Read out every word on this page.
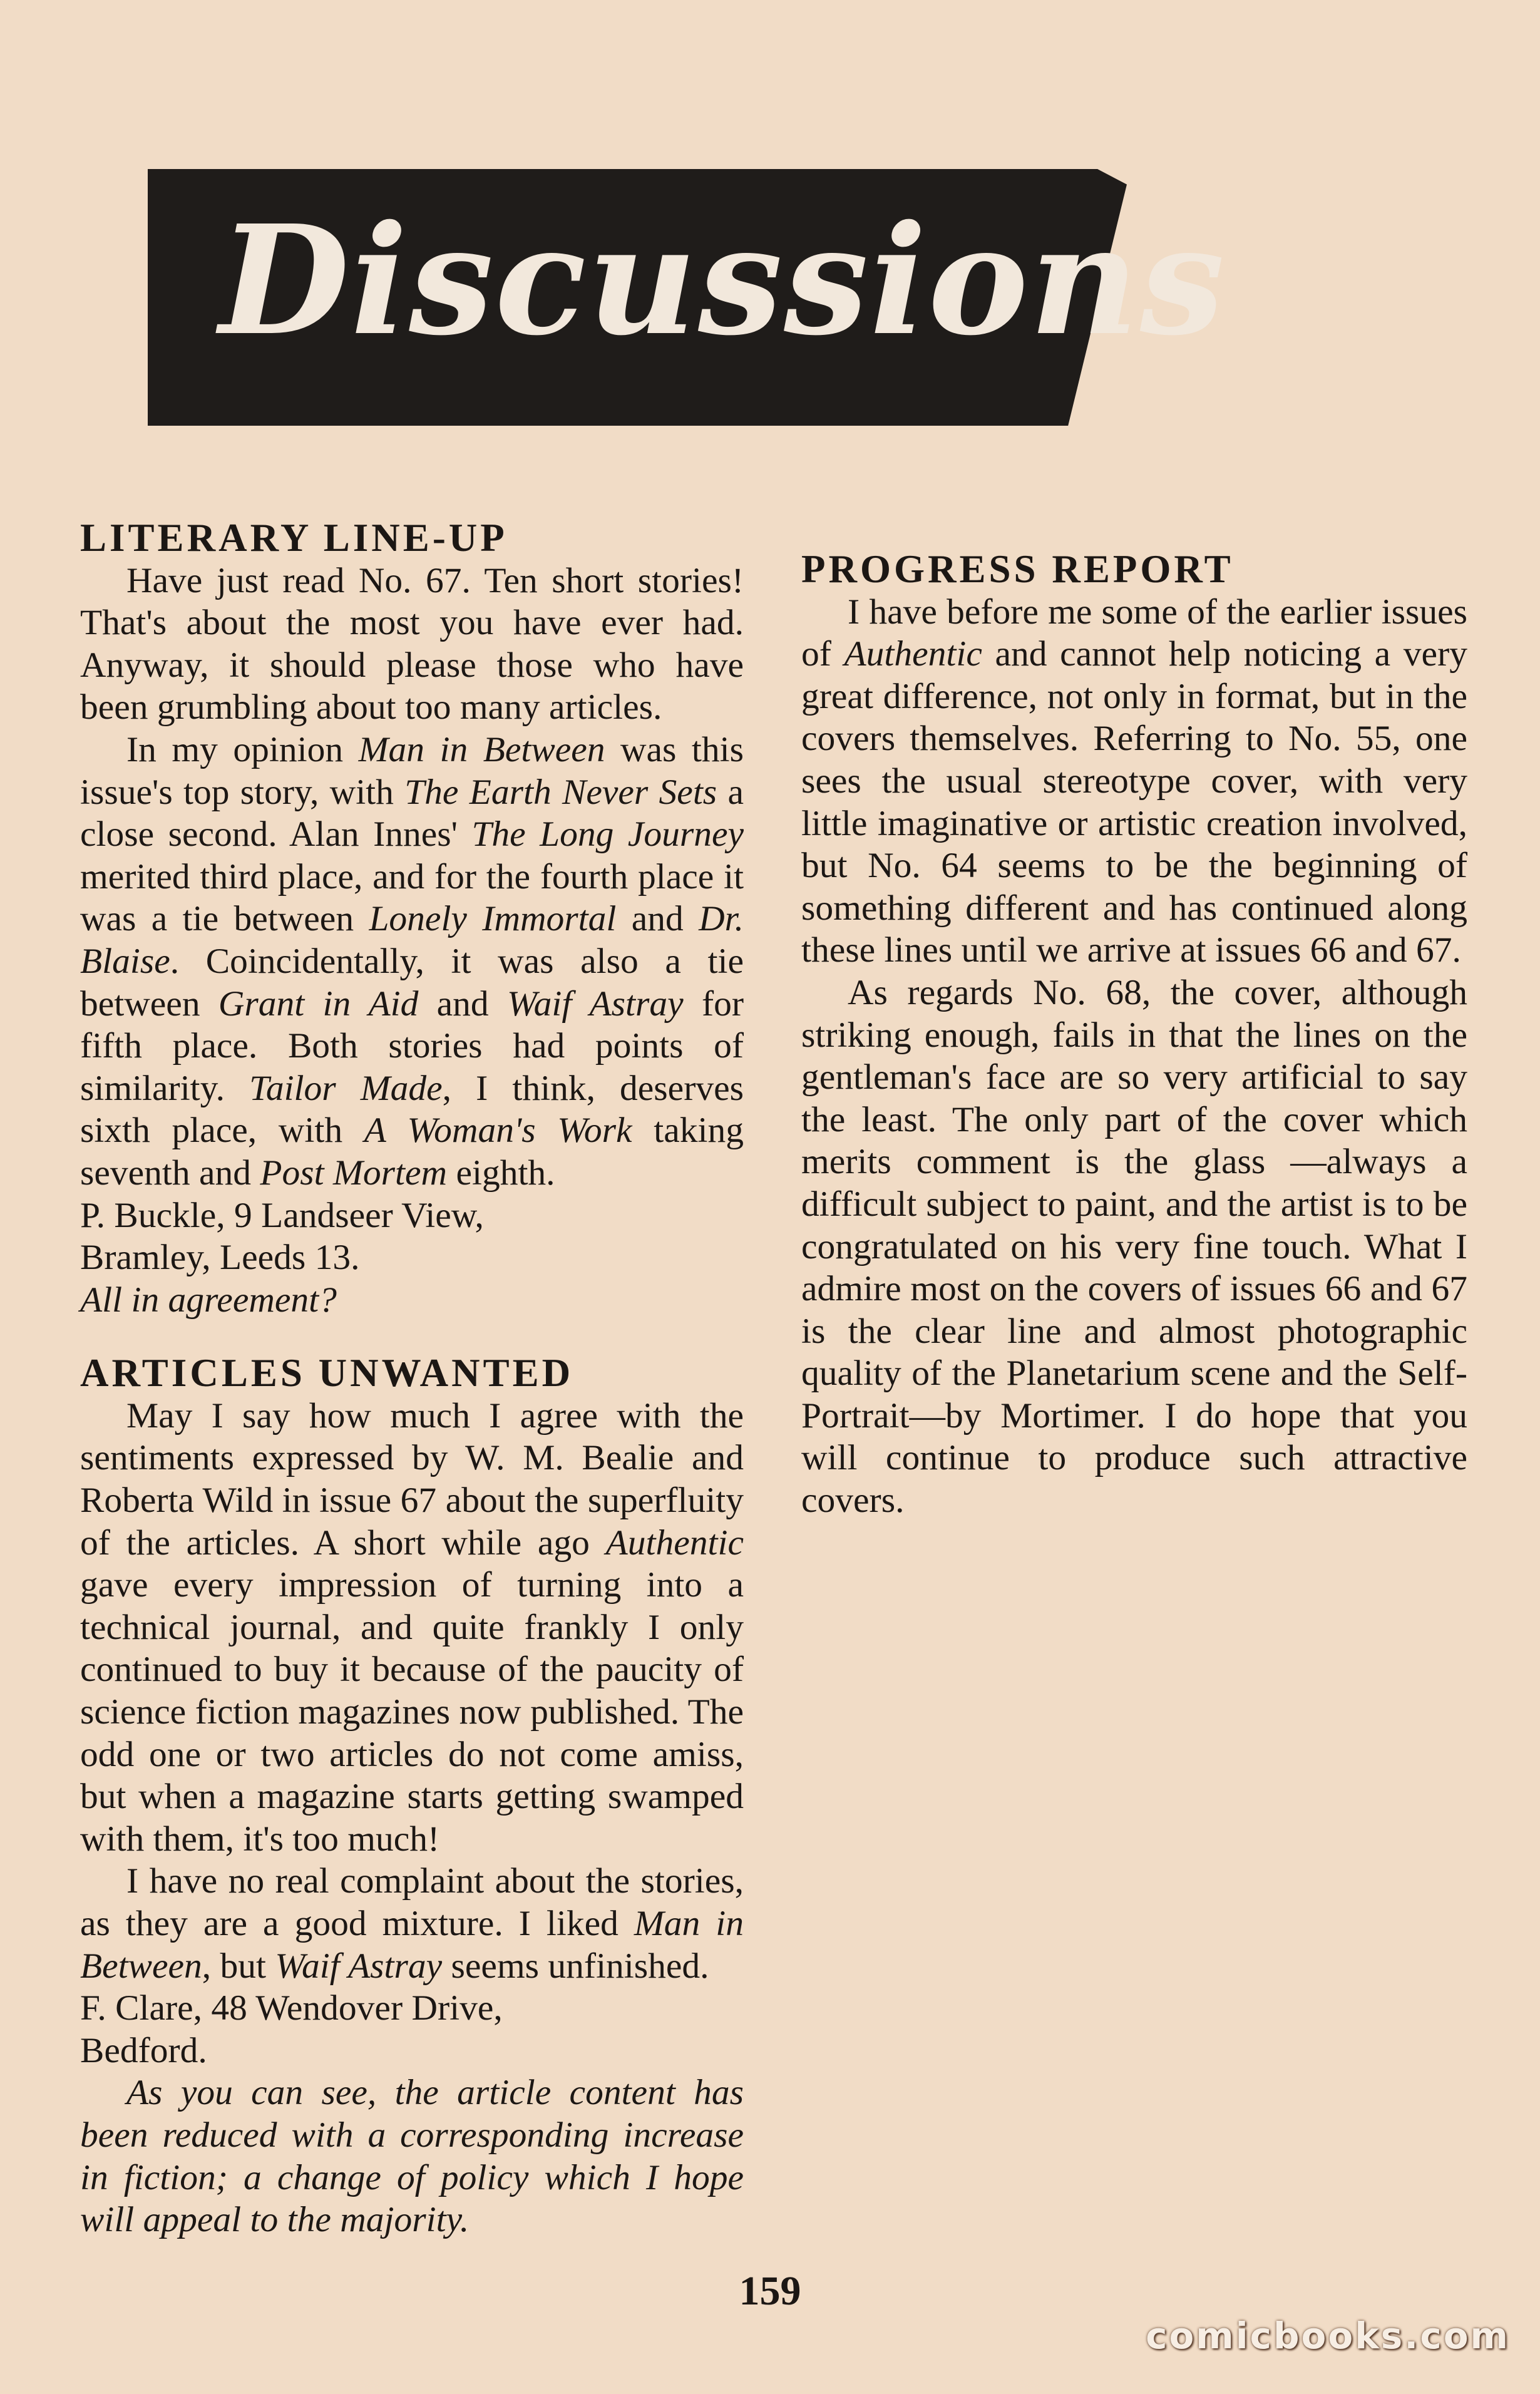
Discussions
LITERARY LINE-UP

Have just read No. 67. Ten short stories! That's about the most you have ever had. Anyway, it should please those who have been grumbling about too many articles.

In my opinion Man in Between was this issue's top story, with The Earth Never Sets a close second. Alan Innes' The Long Journey merited third place, and for the fourth place it was a tie between Lonely Immortal and Dr. Blaise. Coincidentally, it was also a tie between Grant in Aid and Waif Astray for fifth place. Both stories had points of similarity. Tailor Made, I think, deserves sixth place, with A Woman's Work taking seventh and Post Mortem eighth.

P. Buckle, 9 Landseer View,

Bramley, Leeds 13.

All in agreement?

ARTICLES UNWANTED

May I say how much I agree with the sentiments expressed by W. M. Bealie and Roberta Wild in issue 67 about the superfluity of the articles. A short while ago Authentic gave every impression of turning into a technical journal, and quite frankly I only continued to buy it because of the paucity of science fiction magazines now published. The odd one or two articles do not come amiss, but when a magazine starts getting swamped with them, it's too much!

I have no real complaint about the stories, as they are a good mixture. I liked Man in Between, but Waif Astray seems unfinished.

F. Clare, 48 Wendover Drive,

Bedford.

As you can see, the article content has been reduced with a corresponding increase in fiction; a change of policy which I hope will appeal to the majority.

PROGRESS REPORT

I have before me some of the earlier issues of Authentic and cannot help noticing a very great difference, not only in format, but in the covers themselves. Referring to No. 55, one sees the usual stereotype cover, with very little imaginative or artistic creation involved, but No. 64 seems to be the beginning of something different and has continued along these lines until we arrive at issues 66 and 67.

As regards No. 68, the cover, although striking enough, fails in that the lines on the gentleman's face are so very artificial to say the least. The only part of the cover which merits comment is the glass —always a difficult subject to paint, and the artist is to be congratulated on his very fine touch. What I admire most on the covers of issues 66 and 67 is the clear line and almost photographic quality of the Planetarium scene and the Self-Portrait—by Mortimer. I do hope that you will continue to produce such attractive covers.

159
comicbooks.com
